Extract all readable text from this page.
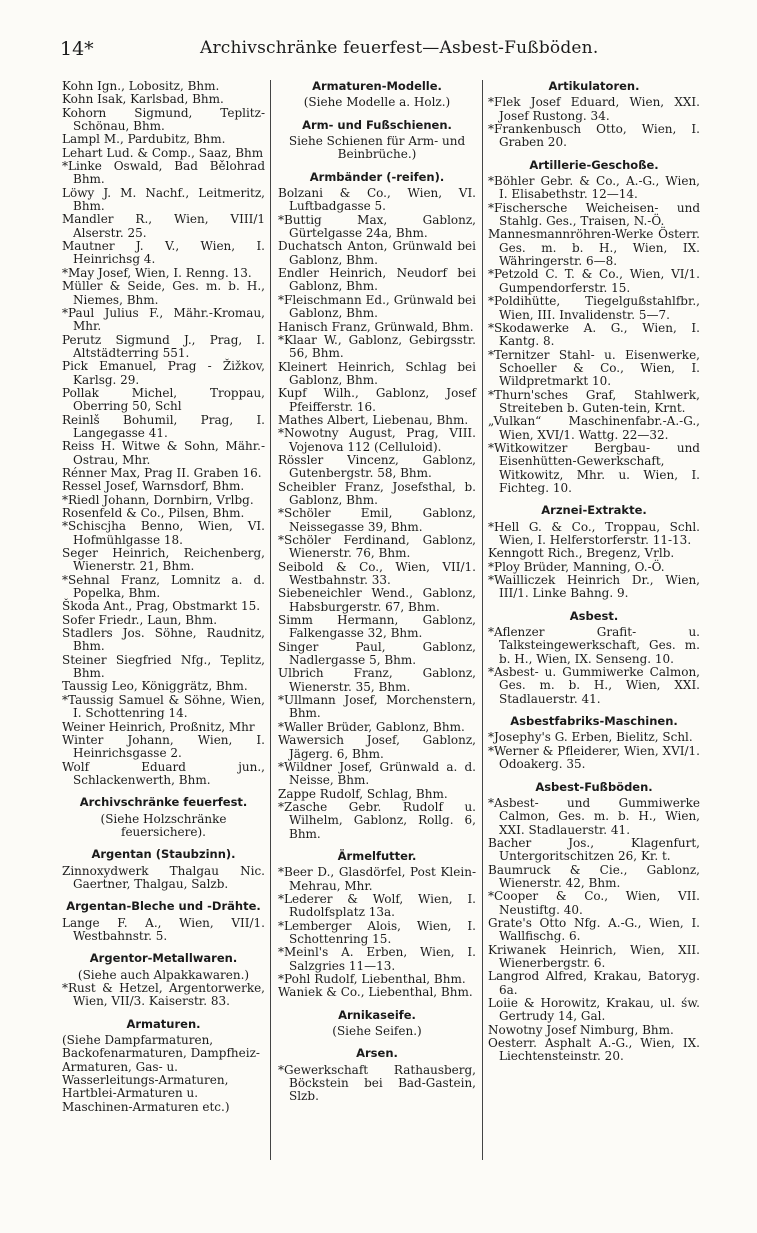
14*	Archivschränke feuerfest—Asbest-Fußböden.
Kohn Ign., Lobositz, Bhm.
Kohn Isak, Karlsbad, Bhm.
Kohorn Sigmund, Teplitz-Schönau, Bhm.
Lampl M., Pardubitz, Bhm.
Lehart Lud. & Comp., Saaz, Bhm
*Linke Oswald, Bad Bělohrad Bhm.
Löwy J. M. Nachf., Leitmeritz, Bhm.
Mandler R., Wien, VIII/1 Alserstr. 25.
Mautner J. V., Wien, I. Heinrichsg 4.
*May Josef, Wien, I. Renng. 13.
Müller & Seide, Ges. m. b. H., Niemes, Bhm.
*Paul Julius F., Mähr.-Kromau, Mhr.
Perutz Sigmund J., Prag, I. Altstädterring 551.
Pick Emanuel, Prag - Žižkov, Karlsg. 29.
Pollak Michel, Troppau, Oberring 50, Schl
Reinlš Bohumil, Prag, I. Langegasse 41.
Reiss H. Witwe & Sohn, Mähr.-Ostrau, Mhr.
Rénner Max, Prag II. Graben 16.
Ressel Josef, Warnsdorf, Bhm.
*Riedl Johann, Dornbirn, Vrlbg.
Rosenfeld & Co., Pilsen, Bhm.
*Schiscjha Benno, Wien, VI. Hofmühlgasse 18.
Seger Heinrich, Reichenberg, Wienerstr. 21, Bhm.
*Sehnal Franz, Lomnitz a. d. Popelka, Bhm.
Škoda Ant., Prag, Obstmarkt 15.
Sofer Friedr., Laun, Bhm.
Stadlers Jos. Söhne, Raudnitz, Bhm.
Steiner Siegfried Nfg., Teplitz, Bhm.
Taussig Leo, Königgrätz, Bhm.
*Taussig Samuel & Söhne, Wien, I. Schottenring 14.
Weiner Heinrich, Proßnitz, Mhr
Winter Johann, Wien, I. Heinrichsgasse 2.
Wolf Eduard jun., Schlackenwerth, Bhm.
Archivschränke feuerfest.
(Siehe Holzschränke feuersichere).
Argentan (Staubzinn).
Zinnoxydwerk Thalgau Nic. Gaertner, Thalgau, Salzb.
Argentan-Bleche und -Drähte.
Lange F. A., Wien, VII/1. Westbahnstr. 5.
Argentor-Metallwaren.
(Siehe auch Alpakkawaren.)
*Rust & Hetzel, Argentorwerke, Wien, VII/3. Kaiserstr. 83.
Armaturen.
(Siehe Dampfarmaturen, Backofenarmaturen, Dampfheiz-Armaturen, Gas- u. Wasserleitungs-Armaturen, Hartblei-Armaturen u. Maschinen-Armaturen etc.)
Armaturen-Modelle.
(Siehe Modelle a. Holz.)
Arm- und Fußschienen.
Siehe Schienen für Arm- und Beinbrüche.)
Armbänder (-reifen).
Bolzani & Co., Wien, VI. Luftbadgasse 5.
*Buttig Max, Gablonz, Gürtelgasse 24a, Bhm.
Duchatsch Anton, Grünwald bei Gablonz, Bhm.
Endler Heinrich, Neudorf bei Gablonz, Bhm.
*Fleischmann Ed., Grünwald bei Gablonz, Bhm.
Hanisch Franz, Grünwald, Bhm.
*Klaar W., Gablonz, Gebirgsstr. 56, Bhm.
Kleinert Heinrich, Schlag bei Gablonz, Bhm.
Kupf Wilh., Gablonz, Josef Pfeifferstr. 16.
Mathes Albert, Liebenau, Bhm.
*Nowotny August, Prag, VIII. Vojenova 112 (Celluloid).
Rössler Vincenz, Gablonz, Gutenbergstr. 58, Bhm.
Scheibler Franz, Josefsthal, b. Gablonz, Bhm.
*Schöler Emil, Gablonz, Neissegasse 39, Bhm.
*Schöler Ferdinand, Gablonz, Wienerstr. 76, Bhm.
Seibold & Co., Wien, VII/1. Westbahnstr. 33.
Siebeneichler Wend., Gablonz, Habsburgerstr. 67, Bhm.
Simm Hermann, Gablonz, Falkengasse 32, Bhm.
Singer Paul, Gablonz, Nadlergasse 5, Bhm.
Ulbrich Franz, Gablonz, Wienerstr. 35, Bhm.
*Ullmann Josef, Morchenstern, Bhm.
*Waller Brüder, Gablonz, Bhm.
Wawersich Josef, Gablonz, Jägerg. 6, Bhm.
*Wildner Josef, Grünwald a. d. Neisse, Bhm.
Zappe Rudolf, Schlag, Bhm.
*Zasche Gebr. Rudolf u. Wilhelm, Gablonz, Rollg. 6, Bhm.
Ärmelfutter.
*Beer D., Glasdörfel, Post Klein-Mehrau, Mhr.
*Lederer & Wolf, Wien, I. Rudolfsplatz 13a.
*Lemberger Alois, Wien, I. Schottenring 15.
*Meinl's A. Erben, Wien, I. Salzgries 11—13.
*Pohl Rudolf, Liebenthal, Bhm.
Waniek & Co., Liebenthal, Bhm.
Arnikaseife.
(Siehe Seifen.)
Arsen.
*Gewerkschaft Rathausberg, Böckstein bei Bad-Gastein, Slzb.
Artikulatoren.
*Flek Josef Eduard, Wien, XXI. Josef Rustong. 34.
*Frankenbusch Otto, Wien, I. Graben 20.
Artillerie-Geschoße.
*Böhler Gebr. & Co., A.-G., Wien, I. Elisabethstr. 12—14.
*Fischersche Weicheisen- und Stahlg. Ges., Traisen, N.-Ö.
Mannesmannröhren-Werke Österr. Ges. m. b. H., Wien, IX. Währingerstr. 6—8.
*Petzold C. T. & Co., Wien, VI/1. Gumpendorferstr. 15.
*Poldihütte, Tiegelgußstahlfbr., Wien, III. Invalidenstr. 5—7.
*Skodawerke A. G., Wien, I. Kantg. 8.
*Ternitzer Stahl- u. Eisenwerke, Schoeller & Co., Wien, I. Wildpretmarkt 10.
*Thurn'sches Graf, Stahlwerk, Streiteben b. Guten-tein, Krnt.
„Vulkan“ Maschinenfabr.-A.-G., Wien, XVI/1. Wattg. 22—32.
*Witkowitzer Bergbau- und Eisenhütten-Gewerkschaft, Witkowitz, Mhr. u. Wien, I. Fichteg. 10.
Arznei-Extrakte.
*Hell G. & Co., Troppau, Schl. Wien, I. Helferstorferstr. 11-13.
Kenngott Rich., Bregenz, Vrlb.
*Ploy Brüder, Manning, O.-Ö.
*Wailliczek Heinrich Dr., Wien, III/1. Linke Bahng. 9.
Asbest.
*Aflenzer Grafit- u. Talksteingewerkschaft, Ges. m. b. H., Wien, IX. Senseng. 10.
*Asbest- u. Gummiwerke Calmon, Ges. m. b. H., Wien, XXI. Stadlauerstr. 41.
Asbestfabriks-Maschinen.
*Josephy's G. Erben, Bielitz, Schl.
*Werner & Pfleiderer, Wien, XVI/1. Odoakerg. 35.
Asbest-Fußböden.
*Asbest- und Gummiwerke Calmon, Ges. m. b. H., Wien, XXI. Stadlauerstr. 41.
Bacher Jos., Klagenfurt, Untergoritschitzen 26, Kr. t.
Baumruck & Cie., Gablonz, Wienerstr. 42, Bhm.
*Cooper & Co., Wien, VII. Neustiftg. 40.
Grate's Otto Nfg. A.-G., Wien, I. Wallfischg. 6.
Kriwanek Heinrich, Wien, XII. Wienerbergstr. 6.
Langrod Alfred, Krakau, Batoryg. 6a.
Loiie & Horowitz, Krakau, ul. św. Gertrudy 14, Gal.
Nowotny Josef Nimburg, Bhm.
Oesterr. Asphalt A.-G., Wien, IX. Liechtensteinstr. 20.
